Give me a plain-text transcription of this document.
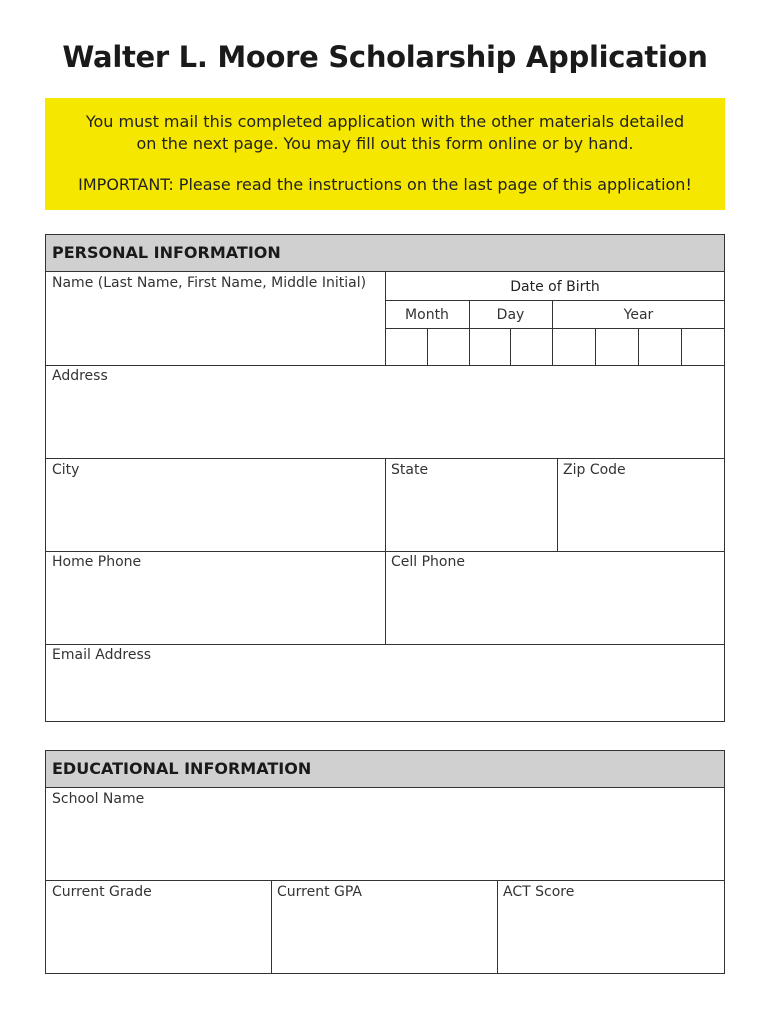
Walter L. Moore Scholarship Application
You must mail this completed application with the other materials detailed
on the next page. You may fill out this form online or by hand.
IMPORTANT: Please read the instructions on the last page of this application!
PERSONAL INFORMATION
Name (Last Name, First Name, Middle Initial)	Date of Birth
Month	Day	Year
Address
City	State	Zip Code
Home Phone	Cell Phone
Email Address
EDUCATIONAL INFORMATION
School Name
Current Grade	Current GPA	ACT Score
